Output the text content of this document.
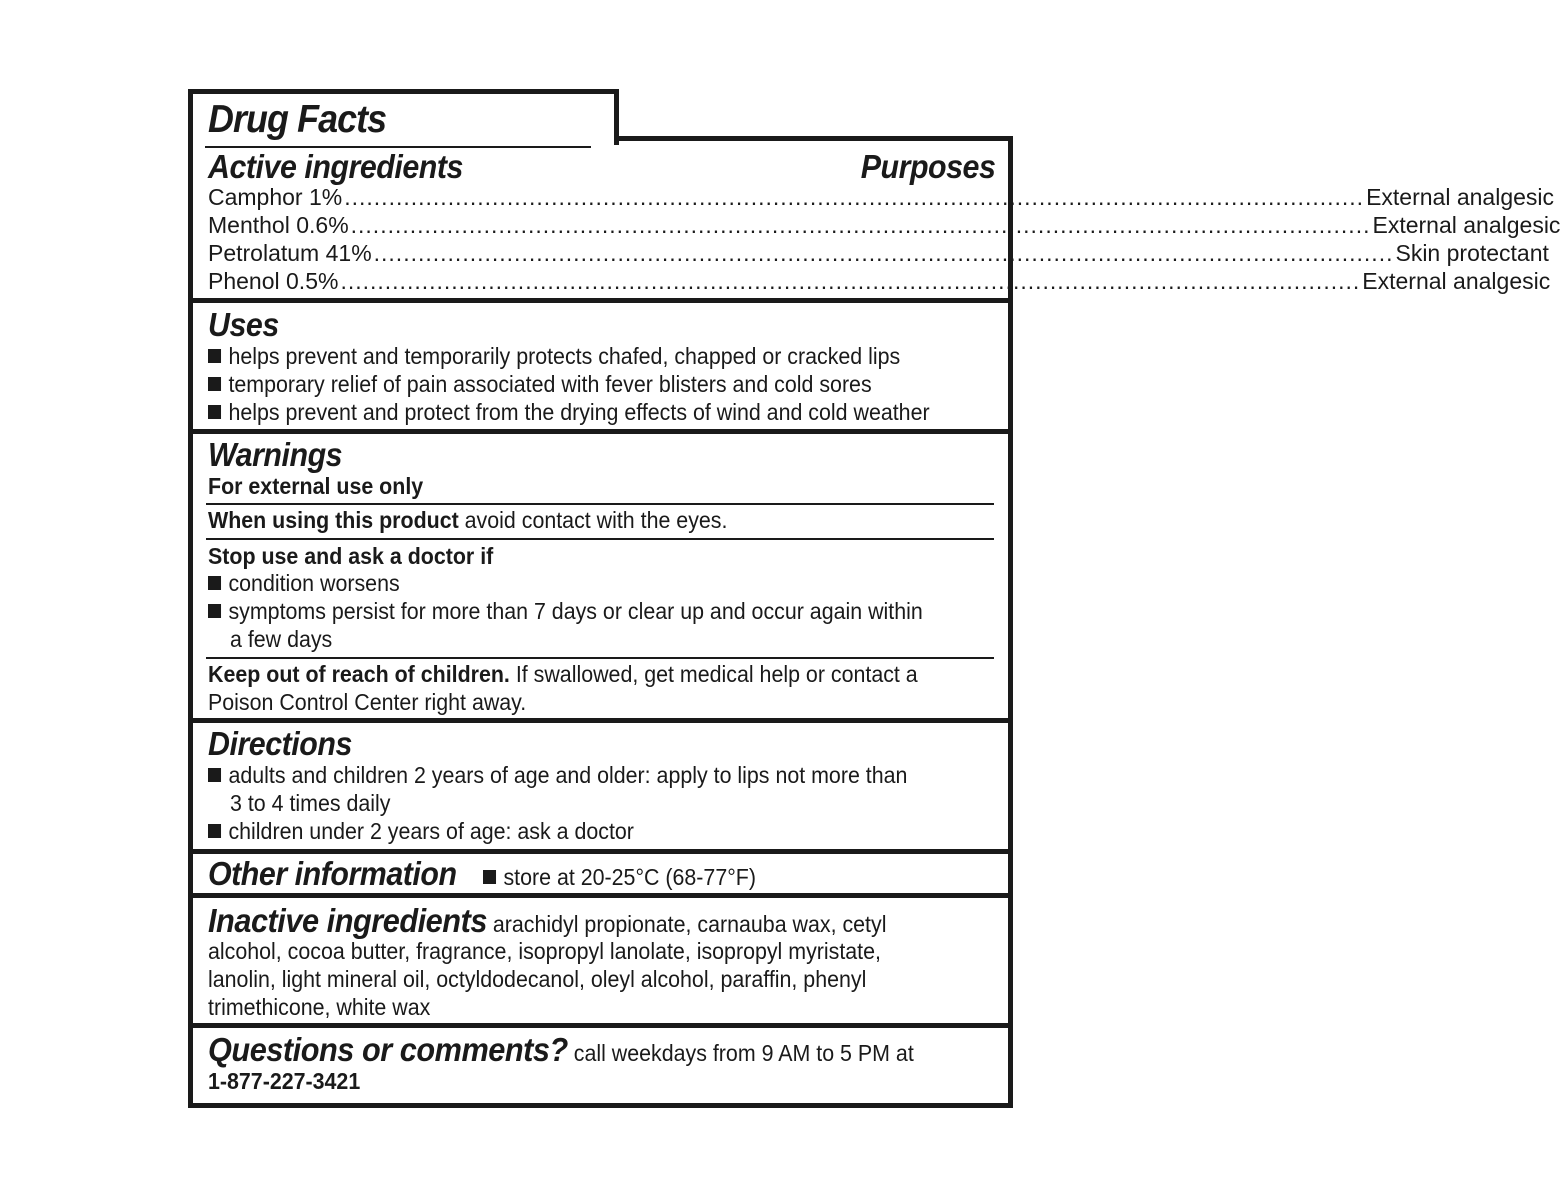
Drug Facts
Active ingredients	Purposes
Camphor 1% .......................................................................................................................................... External analgesic
Menthol 0.6% .......................................................................................................................................... External analgesic
Petrolatum 41% .......................................................................................................................................... Skin protectant
Phenol 0.5% .......................................................................................................................................... External analgesic
Uses
helps prevent and temporarily protects chafed, chapped or cracked lips
temporary relief of pain associated with fever blisters and cold sores
helps prevent and protect from the drying effects of wind and cold weather
Warnings
For external use only
When using this product avoid contact with the eyes.
Stop use and ask a doctor if
condition worsens
symptoms persist for more than 7 days or clear up and occur again within
a few days
Keep out of reach of children. If swallowed, get medical help or contact a
Poison Control Center right away.
Directions
adults and children 2 years of age and older: apply to lips not more than
3 to 4 times daily
children under 2 years of age: ask a doctor
Other information	store at 20-25°C (68-77°F)
Inactive ingredients arachidyl propionate, carnauba wax, cetyl
alcohol, cocoa butter, fragrance, isopropyl lanolate, isopropyl myristate,
lanolin, light mineral oil, octyldodecanol, oleyl alcohol, paraffin, phenyl
trimethicone, white wax
Questions or comments? call weekdays from 9 AM to 5 PM at
1-877-227-3421
